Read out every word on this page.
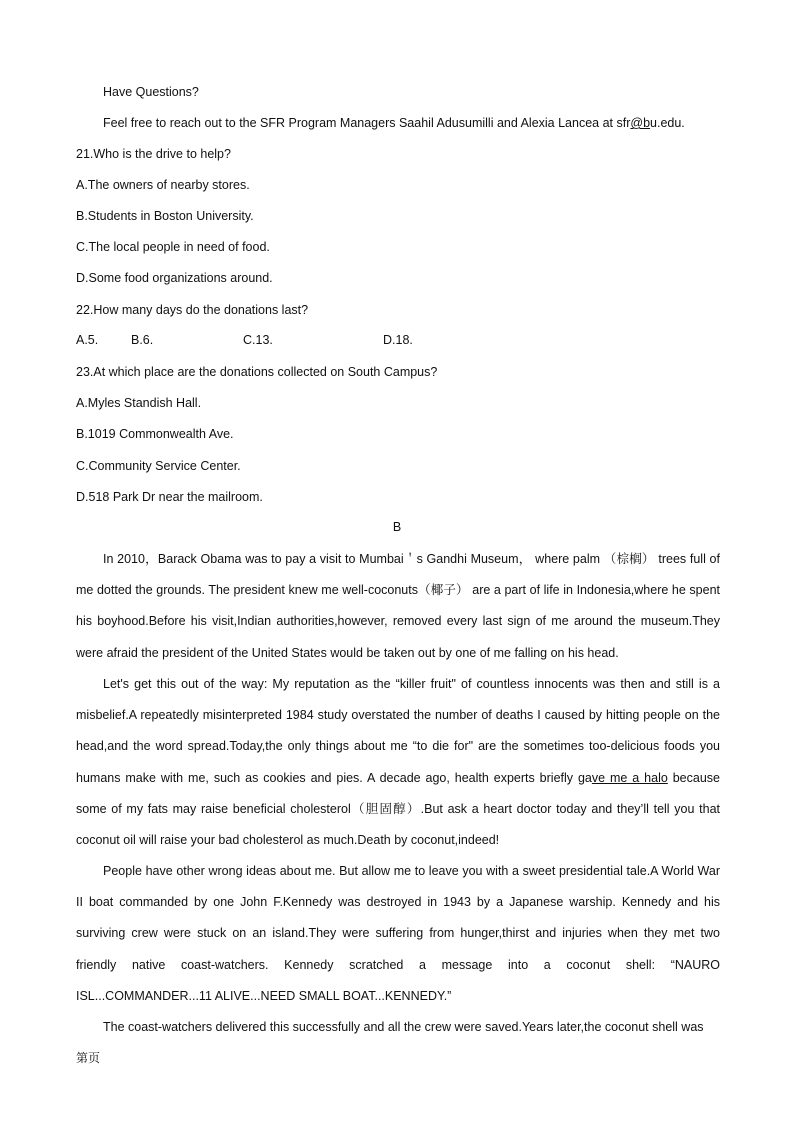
Have Questions?
Feel free to reach out to the SFR Program Managers Saahil Adusumilli and Alexia Lancea at sfr@bu.edu.
21.Who is the drive to help?
A.The owners of nearby stores.
B.Students in Boston University.
C.The local people in need of food.
D.Some food organizations around.
22.How many days do the donations last?
A.5.	B.6.	C.13.	D.18.
23.At which place are the donations collected on South Campus?
A.Myles Standish Hall.
B.1019 Commonwealth Ave.
C.Community Service Center.
D.518 Park Dr near the mailroom.
B
In 2010，Barack Obama was to pay a visit to Mumbai＇s Gandhi Museum， where palm （棕榈） trees full of me dotted the grounds. The president knew me well-coconuts（椰子） are a part of life in Indonesia,where he spent his boyhood.Before his visit,Indian authorities,however, removed every last sign of me around the museum.They were afraid the president of the United States would be taken out by one of me falling on his head.
Let's get this out of the way: My reputation as the “killer fruit" of countless innocents was then and still is a misbelief.A repeatedly misinterpreted 1984 study overstated the number of deaths I caused by hitting people on the head,and the word spread.Today,the only things about me “to die for" are the sometimes too-delicious foods you humans make with me, such as cookies and pies. A decade ago, health experts briefly gave me a halo because some of my fats may raise beneficial cholesterol（胆固醇）.But ask a heart doctor today and they’ll tell you that coconut oil will raise your bad cholesterol as much.Death by coconut,indeed!
People have other wrong ideas about me. But allow me to leave you with a sweet presidential tale.A World War II boat commanded by one John F.Kennedy was destroyed in 1943 by a Japanese warship. Kennedy and his surviving crew were stuck on an island.They were suffering from hunger,thirst and injuries when they met two friendly native coast-watchers. Kennedy scratched a message into a coconut shell: “NAURO ISL...COMMANDER...11 ALIVE...NEED SMALL BOAT...KENNEDY.”
The coast-watchers delivered this successfully and all the crew were saved.Years later,the coconut shell was
第页
